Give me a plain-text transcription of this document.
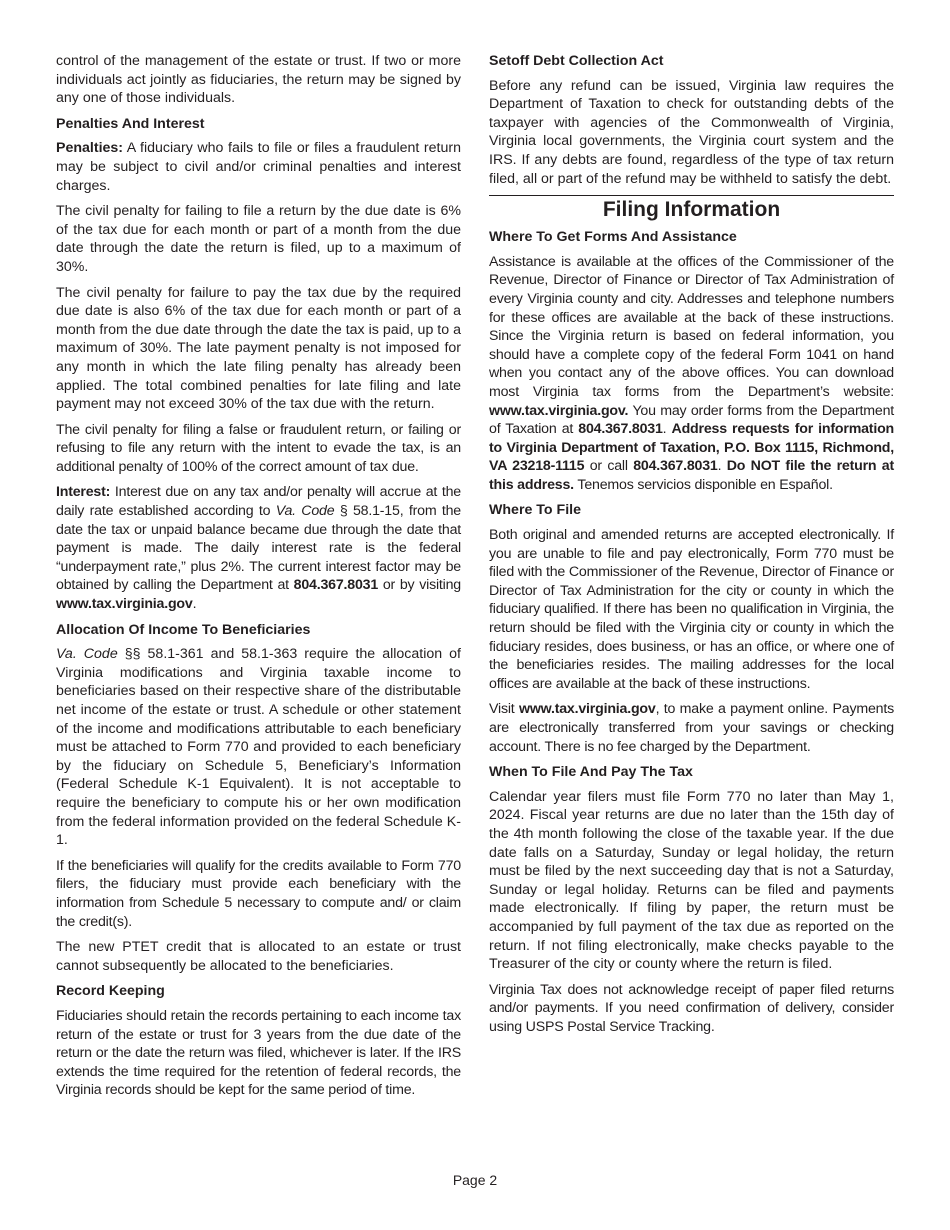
control of the management of the estate or trust. If two or more individuals act jointly as fiduciaries, the return may be signed by any one of those individuals.

Penalties And Interest

Penalties: A fiduciary who fails to file or files a fraudulent return may be subject to civil and/or criminal penalties and interest charges.

The civil penalty for failing to file a return by the due date is 6% of the tax due for each month or part of a month from the due date through the date the return is filed, up to a maximum of 30%.

The civil penalty for failure to pay the tax due by the required due date is also 6% of the tax due for each month or part of a month from the due date through the date the tax is paid, up to a maximum of 30%. The late payment penalty is not imposed for any month in which the late filing penalty has already been applied. The total combined penalties for late filing and late payment may not exceed 30% of the tax due with the return.

The civil penalty for filing a false or fraudulent return, or failing or refusing to file any return with the intent to evade the tax, is an additional penalty of 100% of the correct amount of tax due.

Interest: Interest due on any tax and/or penalty will accrue at the daily rate established according to Va. Code § 58.1-15, from the date the tax or unpaid balance became due through the date that payment is made. The daily interest rate is the federal “underpayment rate,” plus 2%. The current interest factor may be obtained by calling the Department at 804.367.8031 or by visiting www.tax.virginia.gov.

Allocation Of Income To Beneficiaries

Va. Code §§ 58.1-361 and 58.1-363 require the allocation of Virginia modifications and Virginia taxable income to beneficiaries based on their respective share of the distributable net income of the estate or trust. A schedule or other statement of the income and modifications attributable to each beneficiary must be attached to Form 770 and provided to each beneficiary by the fiduciary on Schedule 5, Beneficiary’s Information (Federal Schedule K-1 Equivalent). It is not acceptable to require the beneficiary to compute his or her own modification from the federal information provided on the federal Schedule K-1.

If the beneficiaries will qualify for the credits available to Form 770 filers, the fiduciary must provide each beneficiary with the information from Schedule 5 necessary to compute and/ or claim the credit(s).

The new PTET credit that is allocated to an estate or trust cannot subsequently be allocated to the beneficiaries.

Record Keeping

Fiduciaries should retain the records pertaining to each income tax return of the estate or trust for 3 years from the due date of the return or the date the return was filed, whichever is later. If the IRS extends the time required for the retention of federal records, the Virginia records should be kept for the same period of time.

Setoff Debt Collection Act

Before any refund can be issued, Virginia law requires the Department of Taxation to check for outstanding debts of the taxpayer with agencies of the Commonwealth of Virginia, Virginia local governments, the Virginia court system and the IRS. If any debts are found, regardless of the type of tax return filed, all or part of the refund may be withheld to satisfy the debt.

Filing Information
Where To Get Forms And Assistance

Assistance is available at the offices of the Commissioner of the Revenue, Director of Finance or Director of Tax Administration of every Virginia county and city. Addresses and telephone numbers for these offices are available at the back of these instructions. Since the Virginia return is based on federal information, you should have a complete copy of the federal Form 1041 on hand when you contact any of the above offices. You can download most Virginia tax forms from the Department’s website: www.tax.virginia.gov. You may order forms from the Department of Taxation at 804.367.8031. Address requests for information to Virginia Department of Taxation, P.O. Box 1115, Richmond, VA 23218-1115 or call 804.367.8031. Do NOT file the return at this address. Tenemos servicios disponible en Español.

Where To File

Both original and amended returns are accepted electronically. If you are unable to file and pay electronically, Form 770 must be filed with the Commissioner of the Revenue, Director of Finance or Director of Tax Administration for the city or county in which the fiduciary qualified. If there has been no qualification in Virginia, the return should be filed with the Virginia city or county in which the fiduciary resides, does business, or has an office, or where one of the beneficiaries resides. The mailing addresses for the local offices are available at the back of these instructions.

Visit www.tax.virginia.gov, to make a payment online. Payments are electronically transferred from your savings or checking account. There is no fee charged by the Department.

When To File And Pay The Tax

Calendar year filers must file Form 770 no later than May 1, 2024. Fiscal year returns are due no later than the 15th day of the 4th month following the close of the taxable year. If the due date falls on a Saturday, Sunday or legal holiday, the return must be filed by the next succeeding day that is not a Saturday, Sunday or legal holiday. Returns can be filed and payments made electronically. If filing by paper, the return must be accompanied by full payment of the tax due as reported on the return. If not filing electronically, make checks payable to the Treasurer of the city or county where the return is filed.

Virginia Tax does not acknowledge receipt of paper filed returns and/or payments. If you need confirmation of delivery, consider using USPS Postal Service Tracking.

Page 2
